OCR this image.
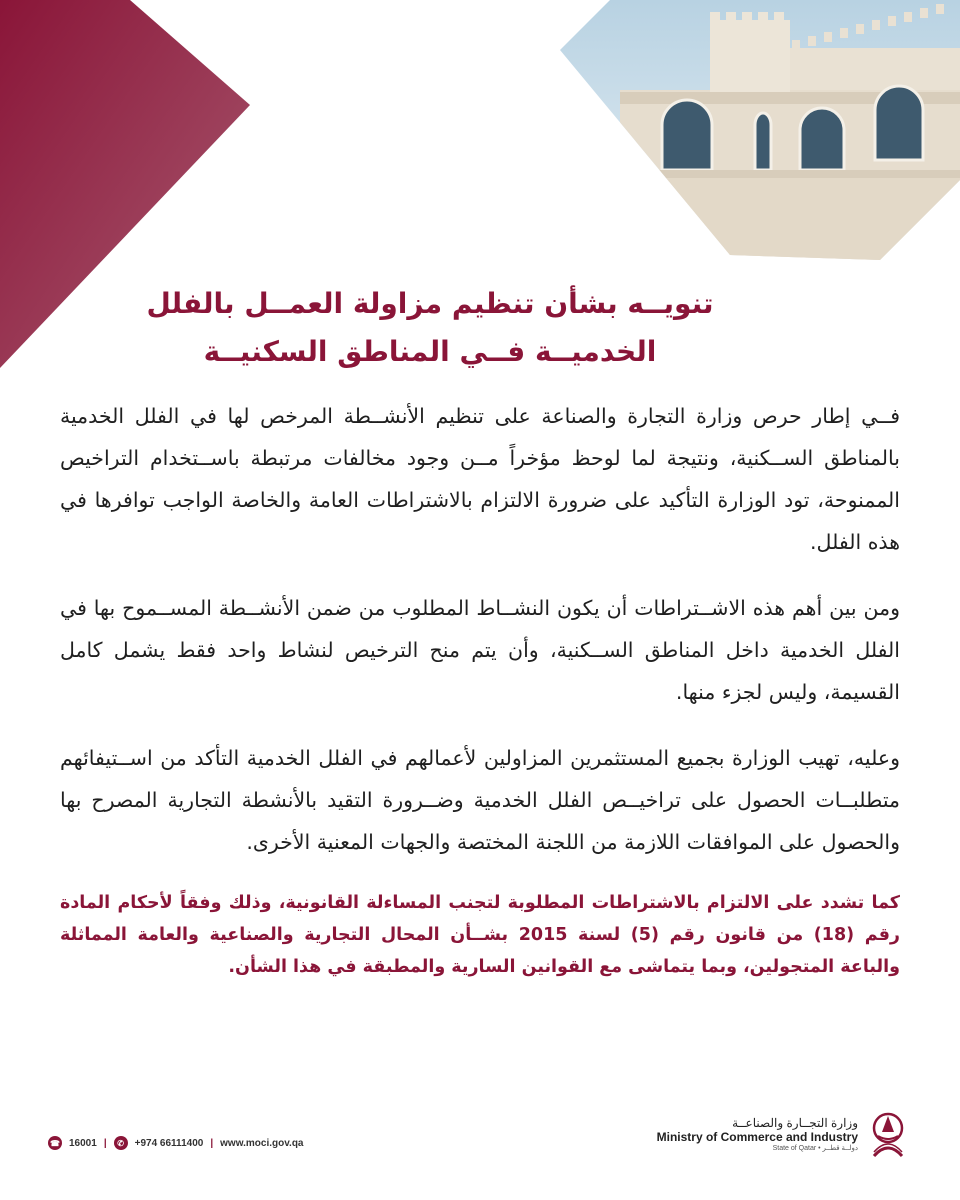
تنويــه بشأن تنظيم مزاولة العمــل بالفلل
الخدميــة فــي المناطق السكنيــة

فــي إطار حرص وزارة التجارة والصناعة على تنظيم الأنشــطة المرخص لها في الفلل الخدمية بالمناطق الســكنية، ونتيجة لما لوحظ مؤخراً مــن وجود مخالفات مرتبطة باســتخدام التراخيص الممنوحة، تود الوزارة التأكيد على ضرورة الالتزام بالاشتراطات العامة والخاصة الواجب توافرها في هذه الفلل.

ومن بين أهم هذه الاشــتراطات أن يكون النشــاط المطلوب من ضمن الأنشــطة المســموح بها في الفلل الخدمية داخل المناطق الســكنية، وأن يتم منح الترخيص لنشاط واحد فقط يشمل كامل القسيمة، وليس لجزء منها.

وعليه، تهيب الوزارة بجميع المستثمرين المزاولين لأعمالهم في الفلل الخدمية التأكد من اســتيفائهم متطلبــات الحصول على تراخيــص الفلل الخدمية وضــرورة التقيد بالأنشطة التجارية المصرح بها والحصول على الموافقات اللازمة من اللجنة المختصة والجهات المعنية الأخرى.

كما تشدد على الالتزام بالاشتراطات المطلوبة لتجنب المساءلة القانونية، وذلك وفقاً لأحكام المادة رقم (18) من قانون رقم (5) لسنة 2015 بشــأن المحال التجارية والصناعية والعامة المماثلة والباعة المتجولين، وبما يتماشى مع القوانين السارية والمطبقة في هذا الشأن.

☎ 16001 |	✆	+974 66111400 | www.moci.gov.qa
وزارة التجــارة والصناعــة
Ministry of Commerce and Industry
State of Qatar • دولــة قطــر
